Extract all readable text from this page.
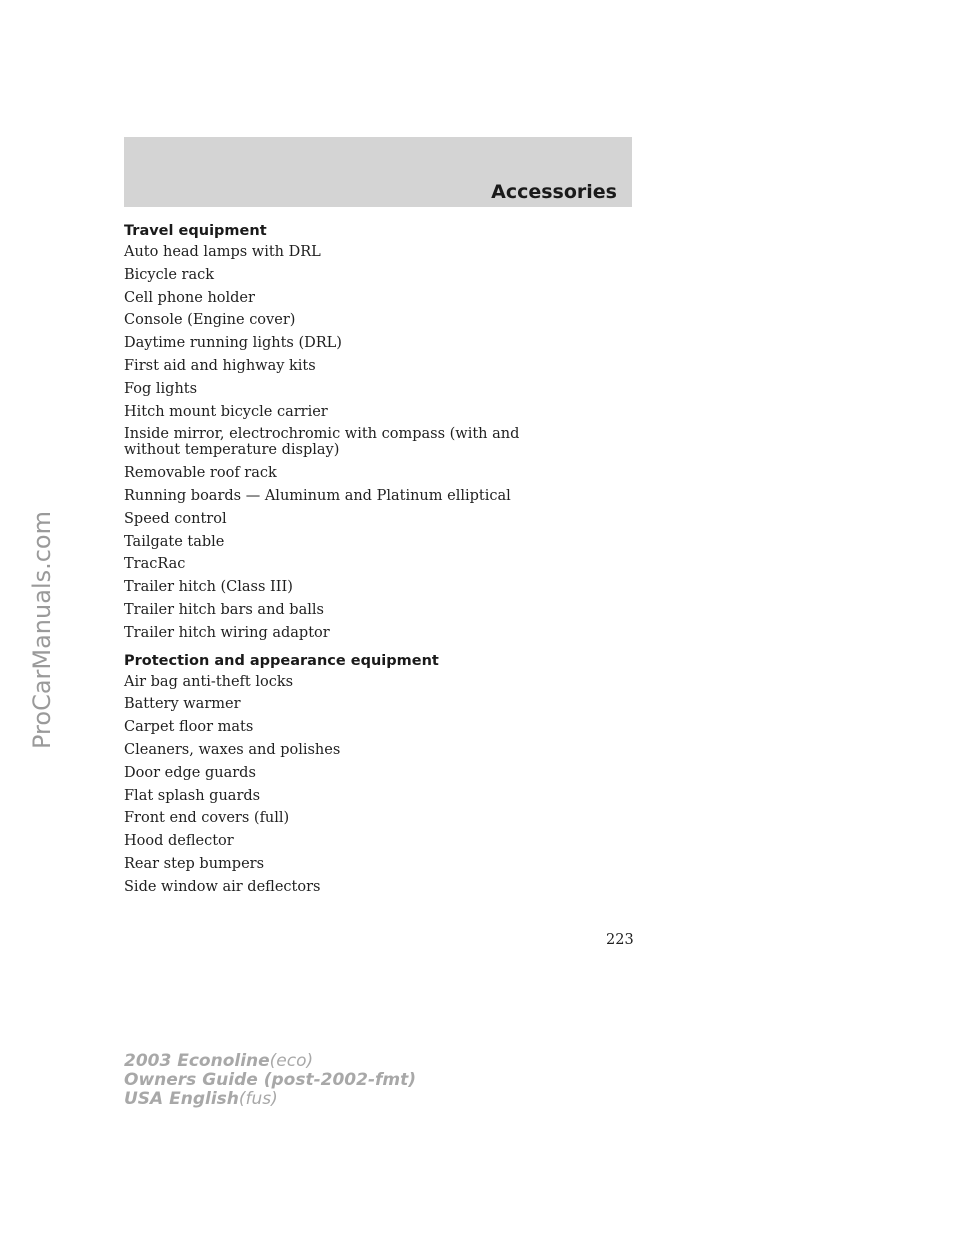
Accessories
Travel equipment
Auto head lamps with DRL
Bicycle rack
Cell phone holder
Console (Engine cover)
Daytime running lights (DRL)
First aid and highway kits
Fog lights
Hitch mount bicycle carrier
Inside mirror, electrochromic with compass (with and without temperature display)
Removable roof rack
Running boards — Aluminum and Platinum elliptical
Speed control
Tailgate table
TracRac
Trailer hitch (Class III)
Trailer hitch bars and balls
Trailer hitch wiring adaptor
Protection and appearance equipment
Air bag anti-theft locks
Battery warmer
Carpet floor mats
Cleaners, waxes and polishes
Door edge guards
Flat splash guards
Front end covers (full)
Hood deflector
Rear step bumpers
Side window air deflectors
223
ProCarManuals.com
2003 Econoline(eco)
Owners Guide (post-2002-fmt)
USA English(fus)
